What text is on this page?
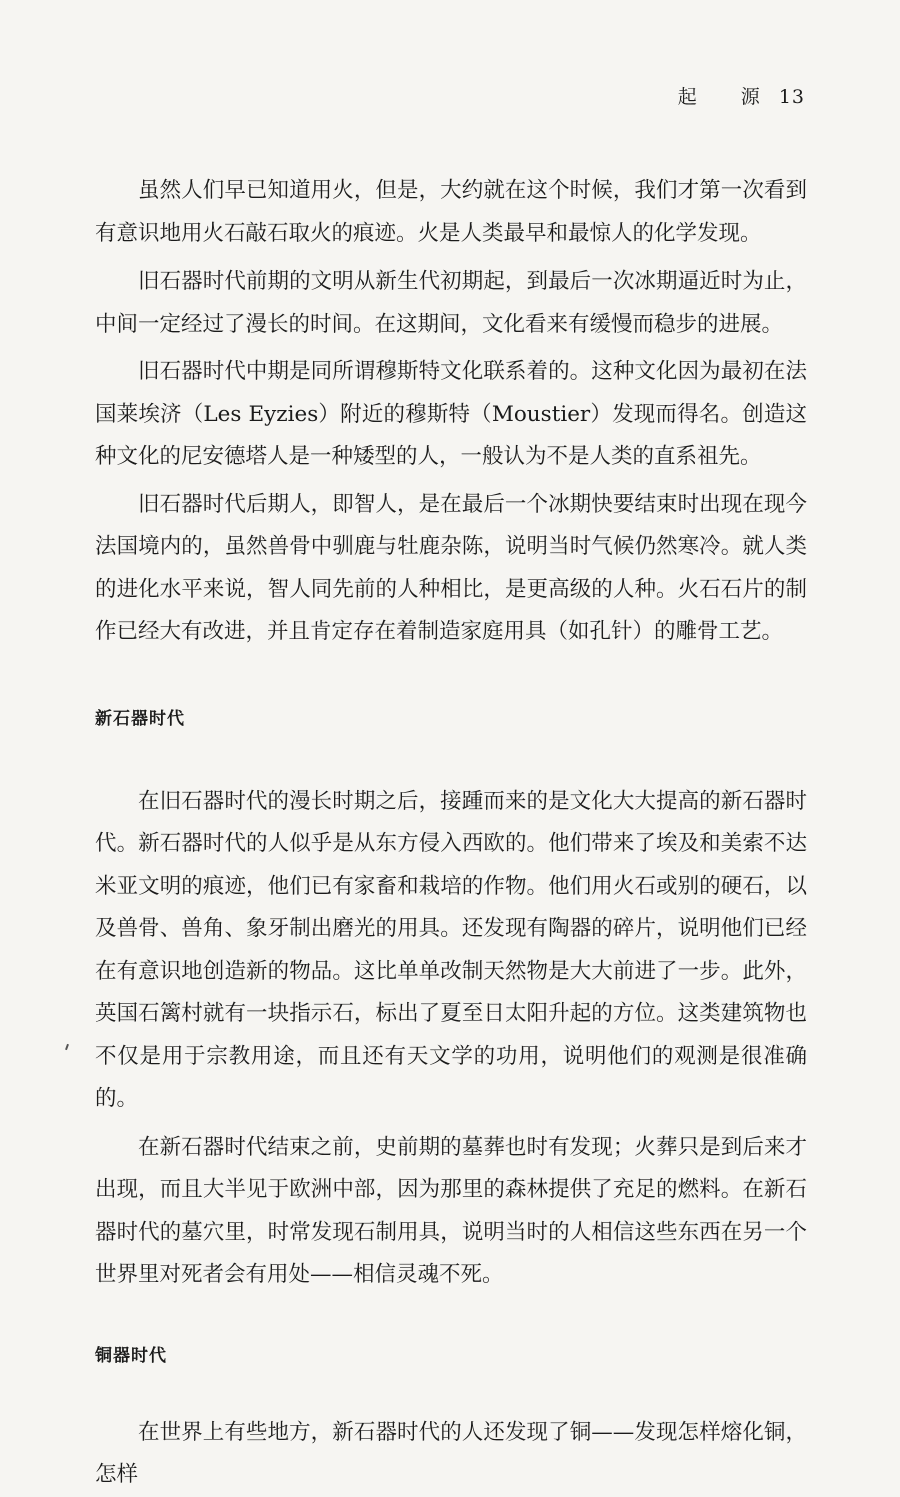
起 源13

虽然人们早已知道用火，但是，大约就在这个时候，我们才第一次看到有意识地用火石敲石取火的痕迹。火是人类最早和最惊人的化学发现。

旧石器时代前期的文明从新生代初期起，到最后一次冰期逼近时为止，中间一定经过了漫长的时间。在这期间，文化看来有缓慢而稳步的进展。

旧石器时代中期是同所谓穆斯特文化联系着的。这种文化因为最初在法国莱埃济（Les Eyzies）附近的穆斯特（Moustier）发现而得名。创造这种文化的尼安德塔人是一种矮型的人，一般认为不是人类的直系祖先。

旧石器时代后期人，即智人，是在最后一个冰期快要结束时出现在现今法国境内的，虽然兽骨中驯鹿与牡鹿杂陈，说明当时气候仍然寒冷。就人类的进化水平来说，智人同先前的人种相比，是更高级的人种。火石石片的制作已经大有改进，并且肯定存在着制造家庭用具（如孔针）的雕骨工艺。

新石器时代

在旧石器时代的漫长时期之后，接踵而来的是文化大大提高的新石器时代。新石器时代的人似乎是从东方侵入西欧的。他们带来了埃及和美索不达米亚文明的痕迹，他们已有家畜和栽培的作物。他们用火石或别的硬石，以及兽骨、兽角、象牙制出磨光的用具。还发现有陶器的碎片，说明他们已经在有意识地创造新的物品。这比单单改制天然物是大大前进了一步。此外，英国石篱村就有一块指示石，标出了夏至日太阳升起的方位。这类建筑物也不仅是用于宗教用途，而且还有天文学的功用，说明他们的观测是很准确的。

在新石器时代结束之前，史前期的墓葬也时有发现；火葬只是到后来才出现，而且大半见于欧洲中部，因为那里的森林提供了充足的燃料。在新石器时代的墓穴里，时常发现石制用具，说明当时的人相信这些东西在另一个世界里对死者会有用处——相信灵魂不死。

铜器时代

在世界上有些地方，新石器时代的人还发现了铜——发现怎样熔化铜，怎样
